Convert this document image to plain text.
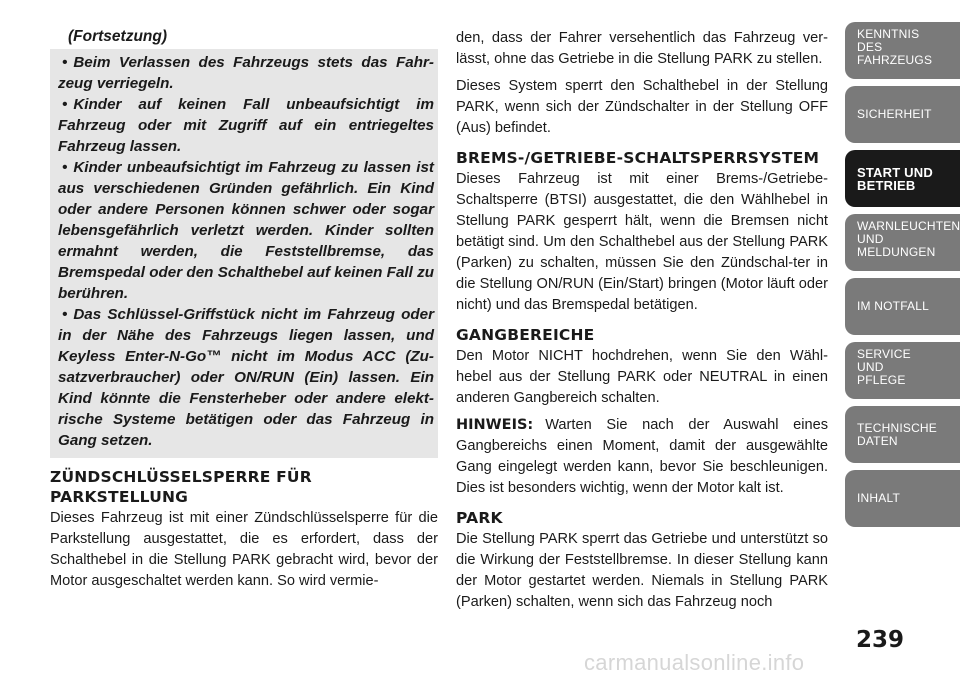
(Fortsetzung)
• Beim Verlassen des Fahrzeugs stets das Fahr-zeug verriegeln.
• Kinder auf keinen Fall unbeaufsichtigt im Fahrzeug oder mit Zugriff auf ein entriegeltes Fahrzeug lassen.
• Kinder unbeaufsichtigt im Fahrzeug zu lassen ist aus verschiedenen Gründen gefährlich. Ein Kind oder andere Personen können schwer oder sogar lebensgefährlich verletzt werden. Kinder sollten ermahnt werden, die Feststellbremse, das Bremspedal oder den Schalthebel auf keinen Fall zu berühren.
• Das Schlüssel-Griffstück nicht im Fahrzeug oder in der Nähe des Fahrzeugs liegen lassen, und Keyless Enter-N-Go™ nicht im Modus ACC (Zu-satzverbraucher) oder ON/RUN (Ein) lassen. Ein Kind könnte die Fensterheber oder andere elekt-rische Systeme betätigen oder das Fahrzeug in Gang setzen.
ZÜNDSCHLÜSSELSPERRE FÜR PARKSTELLUNG

Dieses Fahrzeug ist mit einer Zündschlüsselsperre für die Parkstellung ausgestattet, die es erfordert, dass der Schalthebel in die Stellung PARK gebracht wird, bevor der Motor ausgeschaltet werden kann. So wird vermie-

den, dass der Fahrer versehentlich das Fahrzeug ver-lässt, ohne das Getriebe in die Stellung PARK zu stellen.

Dieses System sperrt den Schalthebel in der Stellung PARK, wenn sich der Zündschalter in der Stellung OFF (Aus) befindet.

BREMS-/GETRIEBE-SCHALTSPERRSYSTEM

Dieses Fahrzeug ist mit einer Brems-/Getriebe-Schaltsperre (BTSI) ausgestattet, die den Wählhebel in Stellung PARK gesperrt hält, wenn die Bremsen nicht betätigt sind. Um den Schalthebel aus der Stellung PARK (Parken) zu schalten, müssen Sie den Zündschal-ter in die Stellung ON/RUN (Ein/Start) bringen (Motor läuft oder nicht) und das Bremspedal betätigen.

GANGBEREICHE

Den Motor NICHT hochdrehen, wenn Sie den Wähl-hebel aus der Stellung PARK oder NEUTRAL in einen anderen Gangbereich schalten.

HINWEIS: Warten Sie nach der Auswahl eines Gangbereichs einen Moment, damit der ausgewählte Gang eingelegt werden kann, bevor Sie beschleunigen. Dies ist besonders wichtig, wenn der Motor kalt ist.

PARK

Die Stellung PARK sperrt das Getriebe und unterstützt so die Wirkung der Feststellbremse. In dieser Stellung kann der Motor gestartet werden. Niemals in Stellung PARK (Parken) schalten, wenn sich das Fahrzeug noch

KENNTNIS
DES
FAHRZEUGS
SICHERHEIT
START UND
BETRIEB
WARNLEUCHTEN
UND
MELDUNGEN
IM NOTFALL
SERVICE
UND
PFLEGE
TECHNISCHE
DATEN
INHALT
239
carmanualsonline.info
